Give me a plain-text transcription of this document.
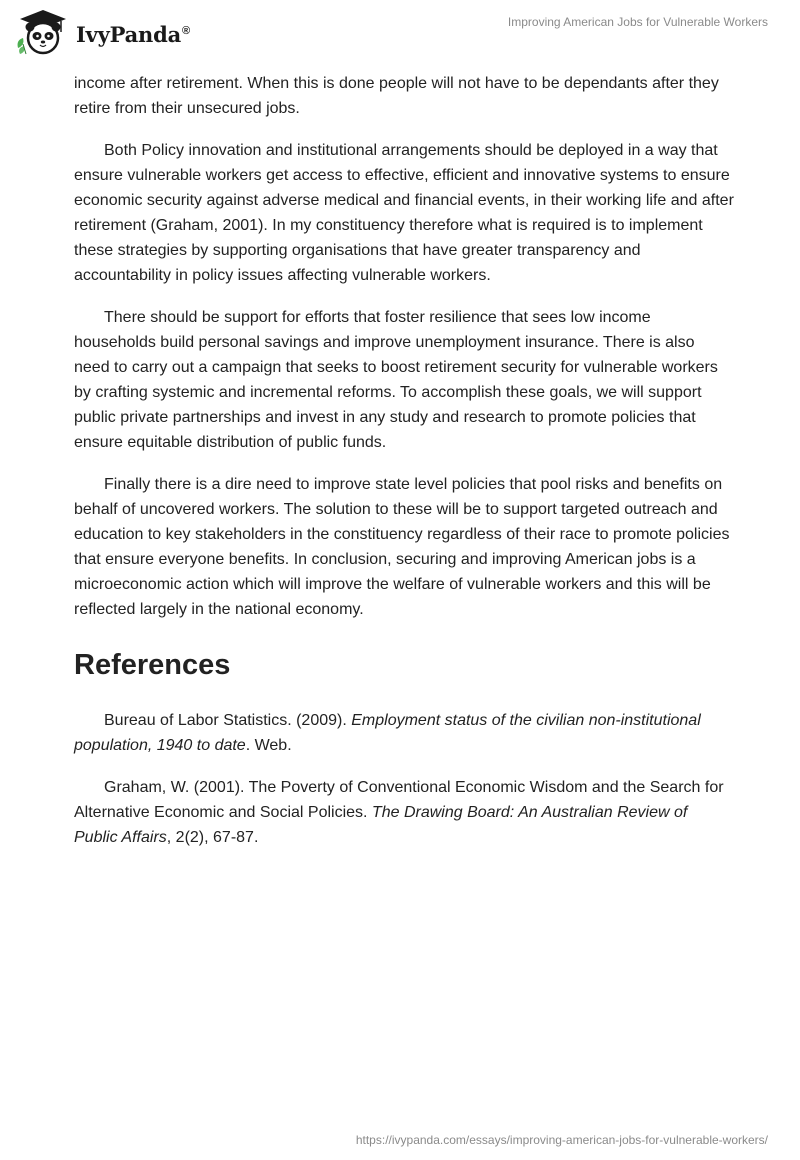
IvyPanda®
Improving American Jobs for Vulnerable Workers

income after retirement. When this is done people will not have to be dependants after they retire from their unsecured jobs.

Both Policy innovation and institutional arrangements should be deployed in a way that ensure vulnerable workers get access to effective, efficient and innovative systems to ensure economic security against adverse medical and financial events, in their working life and after retirement (Graham, 2001). In my constituency therefore what is required is to implement these strategies by supporting organisations that have greater transparency and accountability in policy issues affecting vulnerable workers.

There should be support for efforts that foster resilience that sees low income households build personal savings and improve unemployment insurance. There is also need to carry out a campaign that seeks to boost retirement security for vulnerable workers by crafting systemic and incremental reforms. To accomplish these goals, we will support public private partnerships and invest in any study and research to promote policies that ensure equitable distribution of public funds.

Finally there is a dire need to improve state level policies that pool risks and benefits on behalf of uncovered workers. The solution to these will be to support targeted outreach and education to key stakeholders in the constituency regardless of their race to promote policies that ensure everyone benefits. In conclusion, securing and improving American jobs is a microeconomic action which will improve the welfare of vulnerable workers and this will be reflected largely in the national economy.

References
Bureau of Labor Statistics. (2009). Employment status of the civilian non-institutional population, 1940 to date. Web.
Graham, W. (2001). The Poverty of Conventional Economic Wisdom and the Search for Alternative Economic and Social Policies. The Drawing Board: An Australian Review of Public Affairs, 2(2), 67-87.
https://ivypanda.com/essays/improving-american-jobs-for-vulnerable-workers/
